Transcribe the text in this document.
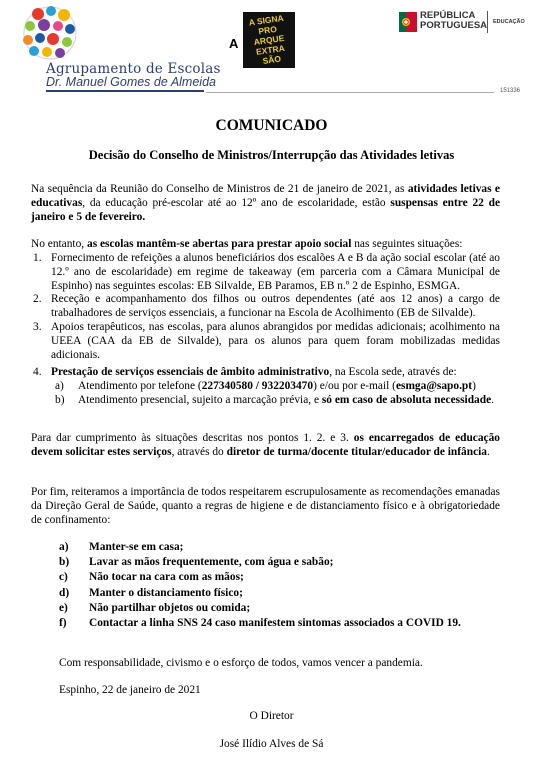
Agrupamento de Escolas
Dr. Manuel Gomes de Almeida
A
A SIGNA PRO ARQUE EXTRA SÃO
REPÚBLICA
PORTUGUESA EDUCAÇÃO
151336
COMUNICADO
Decisão do Conselho de Ministros/Interrupção das Atividades letivas
Na sequência da Reunião do Conselho de Ministros de 21 de janeiro de 2021, as atividades letivas e educativas, da educação pré-escolar até ao 12º ano de escolaridade, estão suspensas entre 22 de janeiro e 5 de fevereiro.
No entanto, as escolas mantêm-se abertas para prestar apoio social nas seguintes situações:
1. Fornecimento de refeições a alunos beneficiários dos escalões A e B da ação social escolar (até ao 12.º ano de escolaridade) em regime de takeaway (em parceria com a Câmara Municipal de Espinho) nas seguintes escolas: EB Silvalde, EB Paramos, EB n.º 2 de Espinho, ESMGA.
2. Receção e acompanhamento dos filhos ou outros dependentes (até aos 12 anos) a cargo de trabalhadores de serviços essenciais, a funcionar na Escola de Acolhimento (EB de Silvalde).
3. Apoios terapêuticos, nas escolas, para alunos abrangidos por medidas adicionais; acolhimento na UEEA (CAA da EB de Silvalde), para os alunos para quem foram mobilizadas medidas adicionais.
4. Prestação de serviços essenciais de âmbito administrativo, na Escola sede, através de:
a) Atendimento por telefone (227340580 / 932203470) e/ou por e-mail (esmga@sapo.pt)
b) Atendimento presencial, sujeito a marcação prévia, e só em caso de absoluta necessidade.
Para dar cumprimento às situações descritas nos pontos 1. 2. e 3. os encarregados de educação devem solicitar estes serviços, através do diretor de turma/docente titular/educador de infância.
Por fim, reiteramos a importância de todos respeitarem escrupulosamente as recomendações emanadas da Direção Geral de Saúde, quanto a regras de higiene e de distanciamento físico e à obrigatoriedade de confinamento:
a) Manter-se em casa;
b) Lavar as mãos frequentemente, com água e sabão;
c) Não tocar na cara com as mãos;
d) Manter o distanciamento físico;
e) Não partilhar objetos ou comida;
f) Contactar a linha SNS 24 caso manifestem sintomas associados a COVID 19.
Com responsabilidade, civismo e o esforço de todos, vamos vencer a pandemia.
Espinho, 22 de janeiro de 2021
O Diretor
José Ilídio Alves de Sá
